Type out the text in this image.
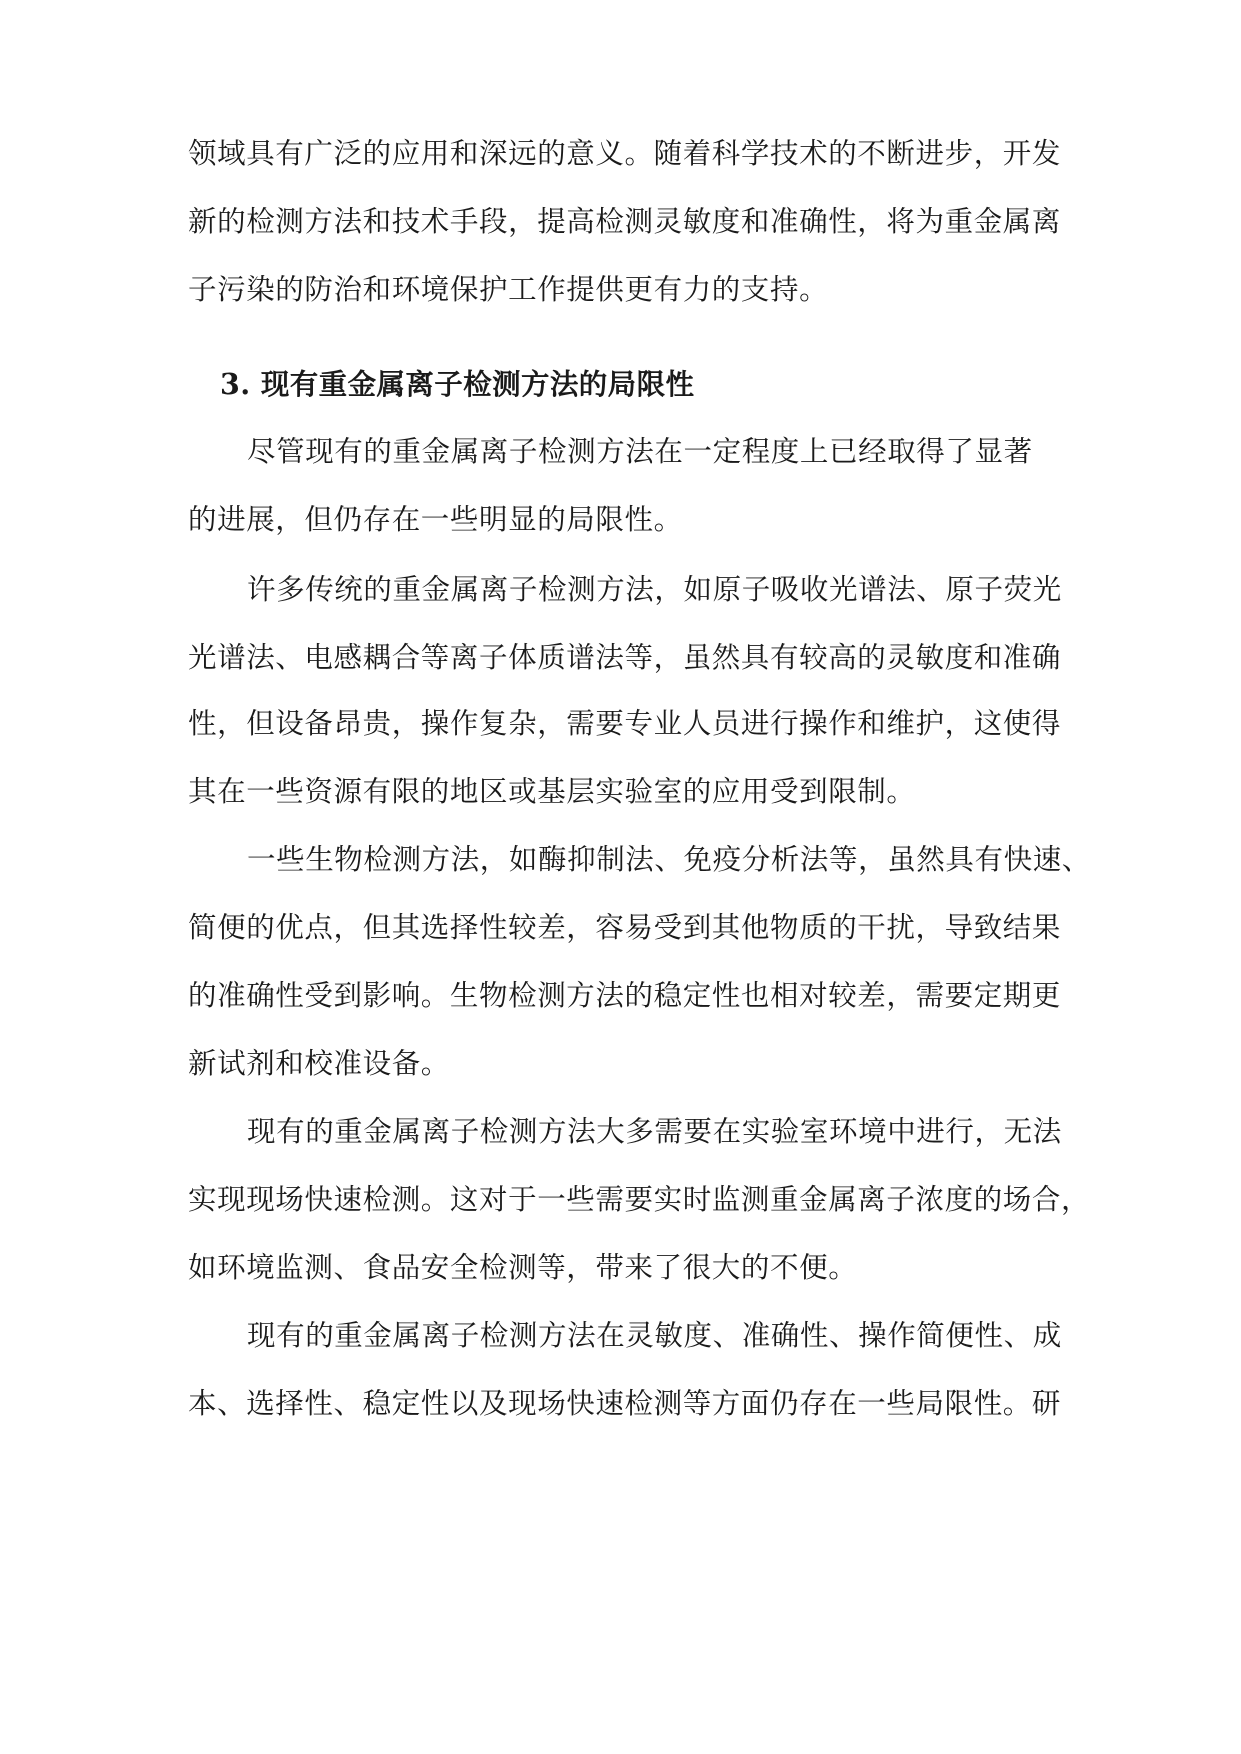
领域具有广泛的应用和深远的意义。随着科学技术的不断进步，开发
新的检测方法和技术手段，提高检测灵敏度和准确性，将为重金属离
子污染的防治和环境保护工作提供更有力的支持。
3. 现有重金属离子检测方法的局限性
尽管现有的重金属离子检测方法在一定程度上已经取得了显著
的进展，但仍存在一些明显的局限性。
许多传统的重金属离子检测方法，如原子吸收光谱法、原子荧光
光谱法、电感耦合等离子体质谱法等，虽然具有较高的灵敏度和准确
性，但设备昂贵，操作复杂，需要专业人员进行操作和维护，这使得
其在一些资源有限的地区或基层实验室的应用受到限制。
一些生物检测方法，如酶抑制法、免疫分析法等，虽然具有快速、
简便的优点，但其选择性较差，容易受到其他物质的干扰，导致结果
的准确性受到影响。生物检测方法的稳定性也相对较差，需要定期更
新试剂和校准设备。
现有的重金属离子检测方法大多需要在实验室环境中进行，无法
实现现场快速检测。这对于一些需要实时监测重金属离子浓度的场合，
如环境监测、食品安全检测等，带来了很大的不便。
现有的重金属离子检测方法在灵敏度、准确性、操作简便性、成
本、选择性、稳定性以及现场快速检测等方面仍存在一些局限性。研
